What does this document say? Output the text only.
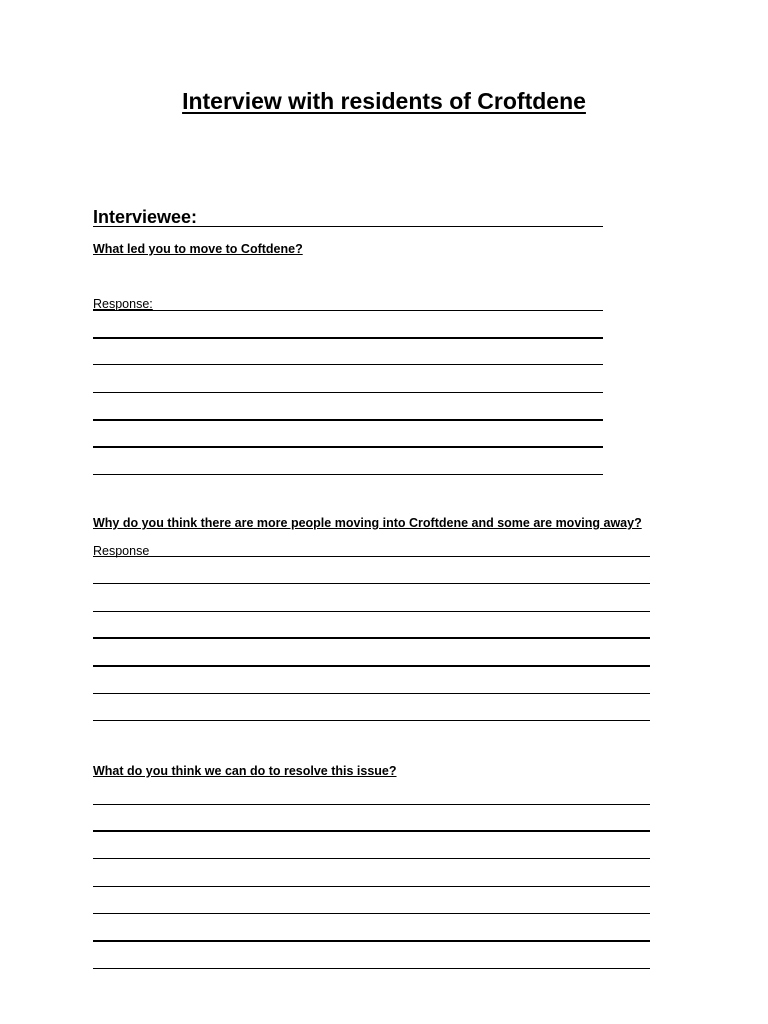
Interview with residents of Croftdene
Interviewee:
What led you to move to Coftdene?
Response:
Why do you think there are more people moving into Croftdene and some are moving away?
Response
What do you think we can do to resolve this issue?
